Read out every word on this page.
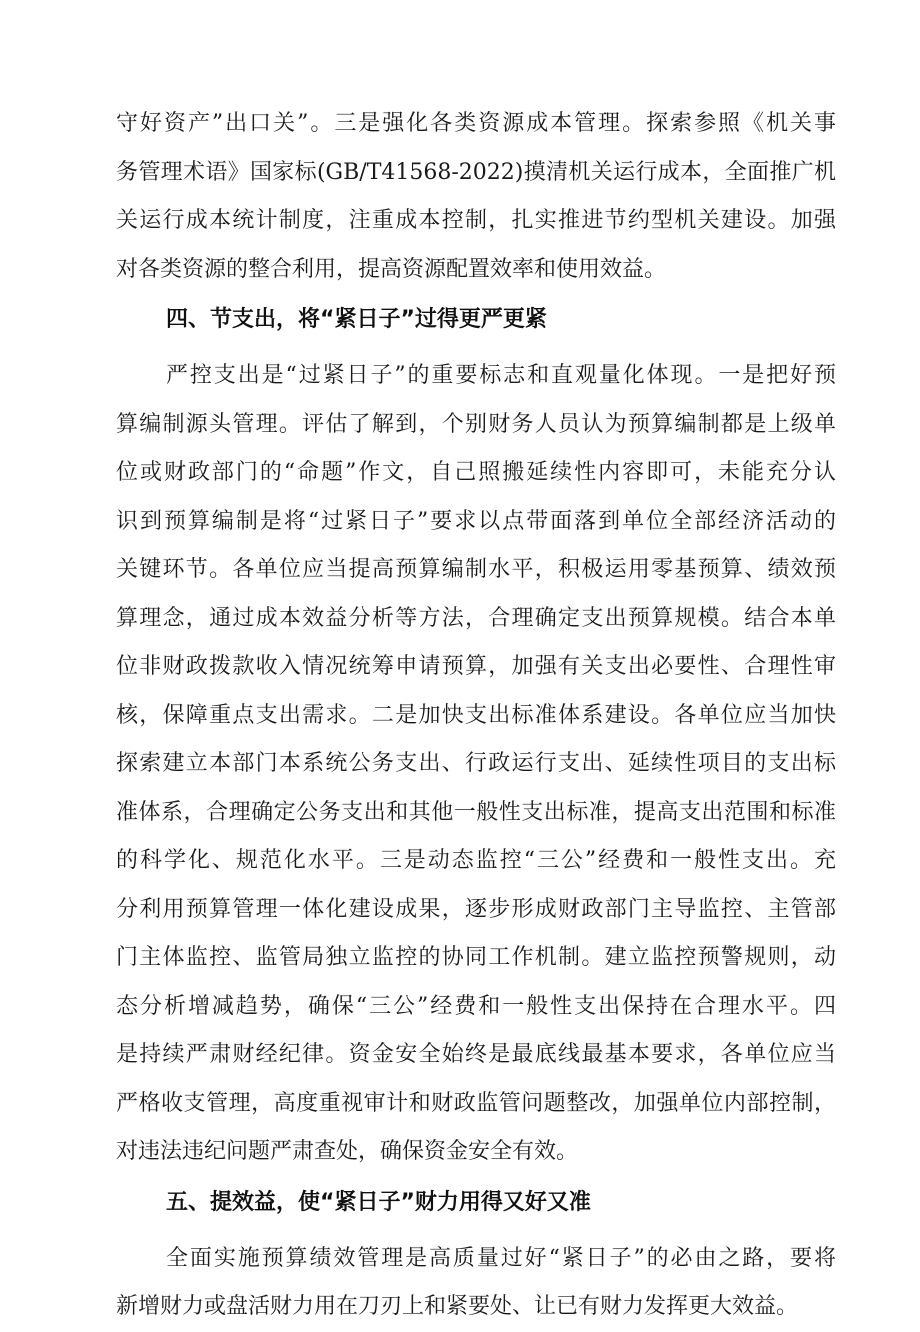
守好资产”出口关”。三是强化各类资源成本管理。探索参照《机关事
务管理术语》国家标(GB/T41568-2022)摸清机关运行成本，全面推广机
关运行成本统计制度，注重成本控制，扎实推进节约型机关建设。加强
对各类资源的整合利用，提高资源配置效率和使用效益。
四、节支出，将“紧日子”过得更严更紧
严控支出是“过紧日子”的重要标志和直观量化体现。一是把好预
算编制源头管理。评估了解到，个别财务人员认为预算编制都是上级单
位或财政部门的“命题”作文，自己照搬延续性内容即可，未能充分认
识到预算编制是将“过紧日子”要求以点带面落到单位全部经济活动的
关键环节。各单位应当提高预算编制水平，积极运用零基预算、绩效预
算理念，通过成本效益分析等方法，合理确定支出预算规模。结合本单
位非财政拨款收入情况统筹申请预算，加强有关支出必要性、合理性审
核，保障重点支出需求。二是加快支出标准体系建设。各单位应当加快
探索建立本部门本系统公务支出、行政运行支出、延续性项目的支出标
准体系，合理确定公务支出和其他一般性支出标准，提高支出范围和标准
的科学化、规范化水平。三是动态监控“三公”经费和一般性支出。充
分利用预算管理一体化建设成果，逐步形成财政部门主导监控、主管部
门主体监控、监管局独立监控的协同工作机制。建立监控预警规则，动
态分析增减趋势，确保“三公”经费和一般性支出保持在合理水平。四
是持续严肃财经纪律。资金安全始终是最底线最基本要求，各单位应当
严格收支管理，高度重视审计和财政监管问题整改，加强单位内部控制，
对违法违纪问题严肃查处，确保资金安全有效。
五、提效益，使“紧日子”财力用得又好又准
全面实施预算绩效管理是高质量过好“紧日子”的必由之路，要将
新增财力或盘活财力用在刀刃上和紧要处、让已有财力发挥更大效益。
